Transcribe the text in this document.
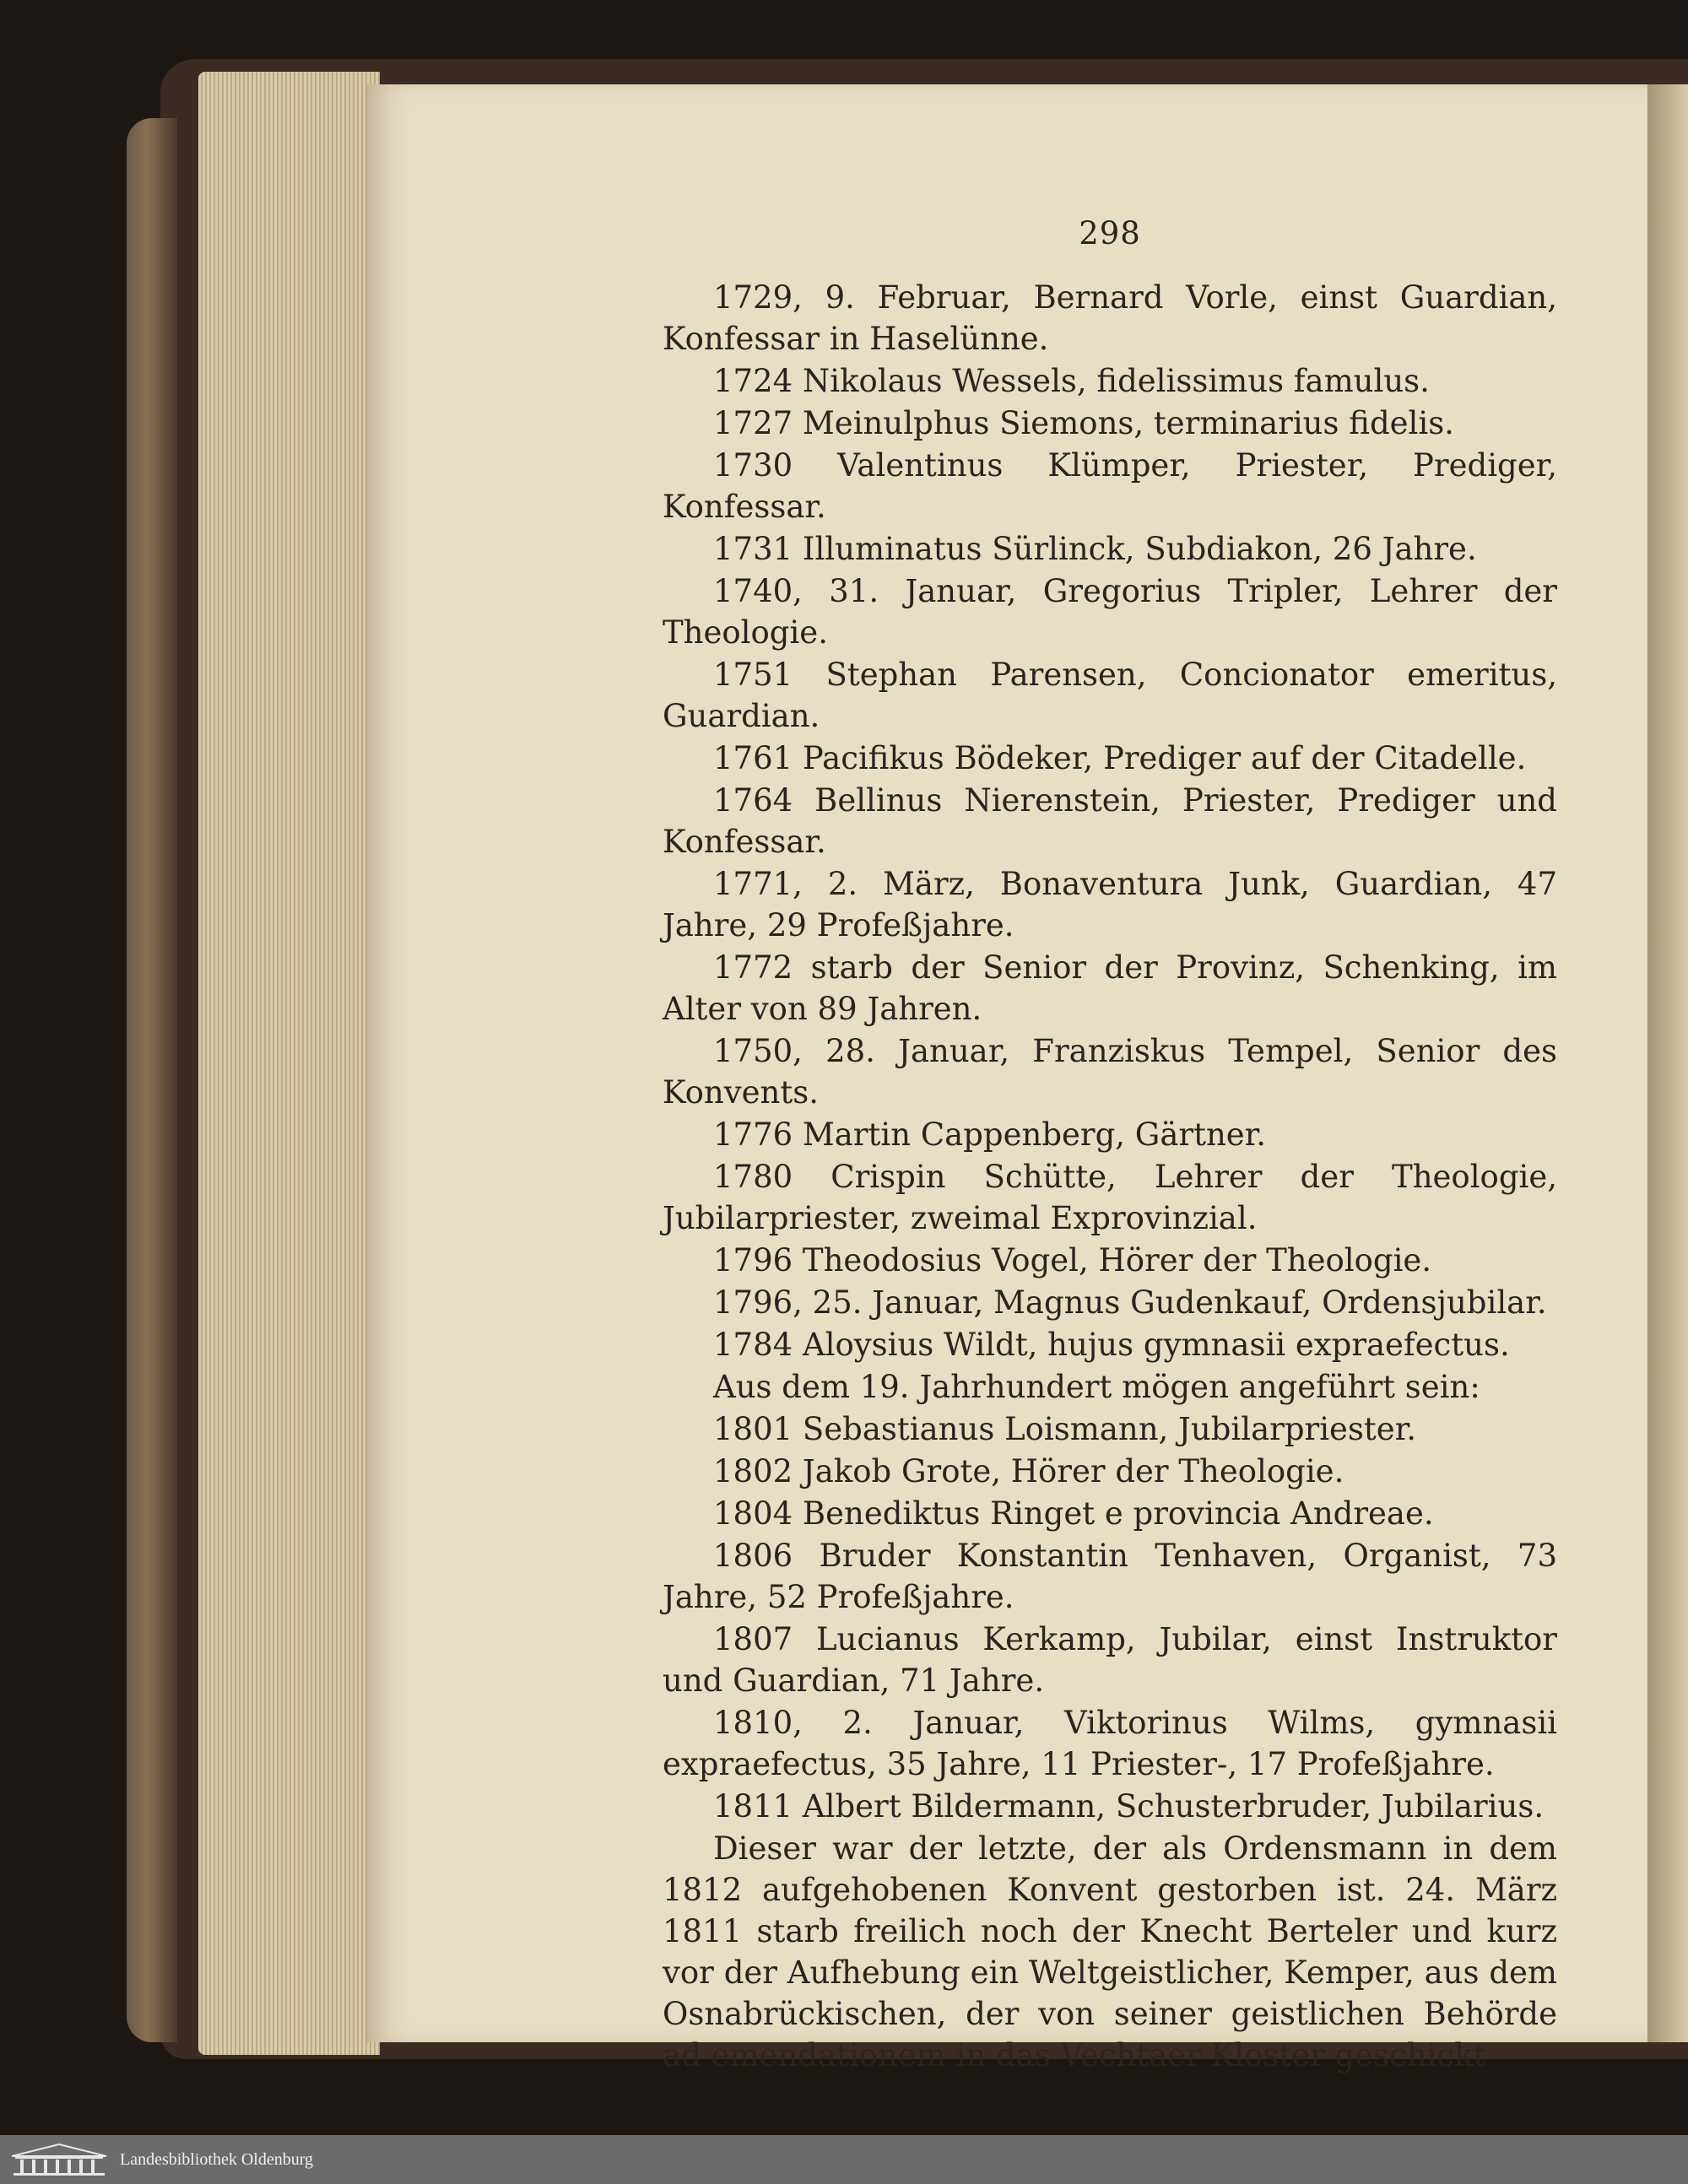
298
1729, 9. Februar, Bernard Vorle, einst Guardian, Konfessar in Haselünne.
1724 Nikolaus Wessels, fidelissimus famulus.
1727 Meinulphus Siemons, terminarius fidelis.
1730 Valentinus Klümper, Priester, Prediger, Konfessar.
1731 Illuminatus Sürlinck, Subdiakon, 26 Jahre.
1740, 31. Januar, Gregorius Tripler, Lehrer der Theologie.
1751 Stephan Parensen, Concionator emeritus, Guardian.
1761 Pacifikus Bödeker, Prediger auf der Citadelle.
1764 Bellinus Nierenstein, Priester, Prediger und Konfessar.
1771, 2. März, Bonaventura Junk, Guardian, 47 Jahre, 29 Profeßjahre.
1772 starb der Senior der Provinz, Schenking, im Alter von 89 Jahren.
1750, 28. Januar, Franziskus Tempel, Senior des Konvents.
1776 Martin Cappenberg, Gärtner.
1780 Crispin Schütte, Lehrer der Theologie, Jubilarpriester, zweimal Exprovinzial.
1796 Theodosius Vogel, Hörer der Theologie.
1796, 25. Januar, Magnus Gudenkauf, Ordensjubilar.
1784 Aloysius Wildt, hujus gymnasii expraefectus.
Aus dem 19. Jahrhundert mögen angeführt sein:
1801 Sebastianus Loismann, Jubilarpriester.
1802 Jakob Grote, Hörer der Theologie.
1804 Benediktus Ringet e provincia Andreae.
1806 Bruder Konstantin Tenhaven, Organist, 73 Jahre, 52 Profeßjahre.
1807 Lucianus Kerkamp, Jubilar, einst Instruktor und Guardian, 71 Jahre.
1810, 2. Januar, Viktorinus Wilms, gymnasii expraefectus, 35 Jahre, 11 Priester-, 17 Profeßjahre.
1811 Albert Bildermann, Schusterbruder, Jubilarius.
Dieser war der letzte, der als Ordensmann in dem 1812 aufgehobenen Konvent gestorben ist. 24. März 1811 starb freilich noch der Knecht Berteler und kurz vor der Aufhebung ein Weltgeistlicher, Kemper, aus dem Osnabrückischen, der von seiner geistlichen Behörde ad emendationem in das Vechtaer Kloster geschickt
Landesbibliothek Oldenburg
